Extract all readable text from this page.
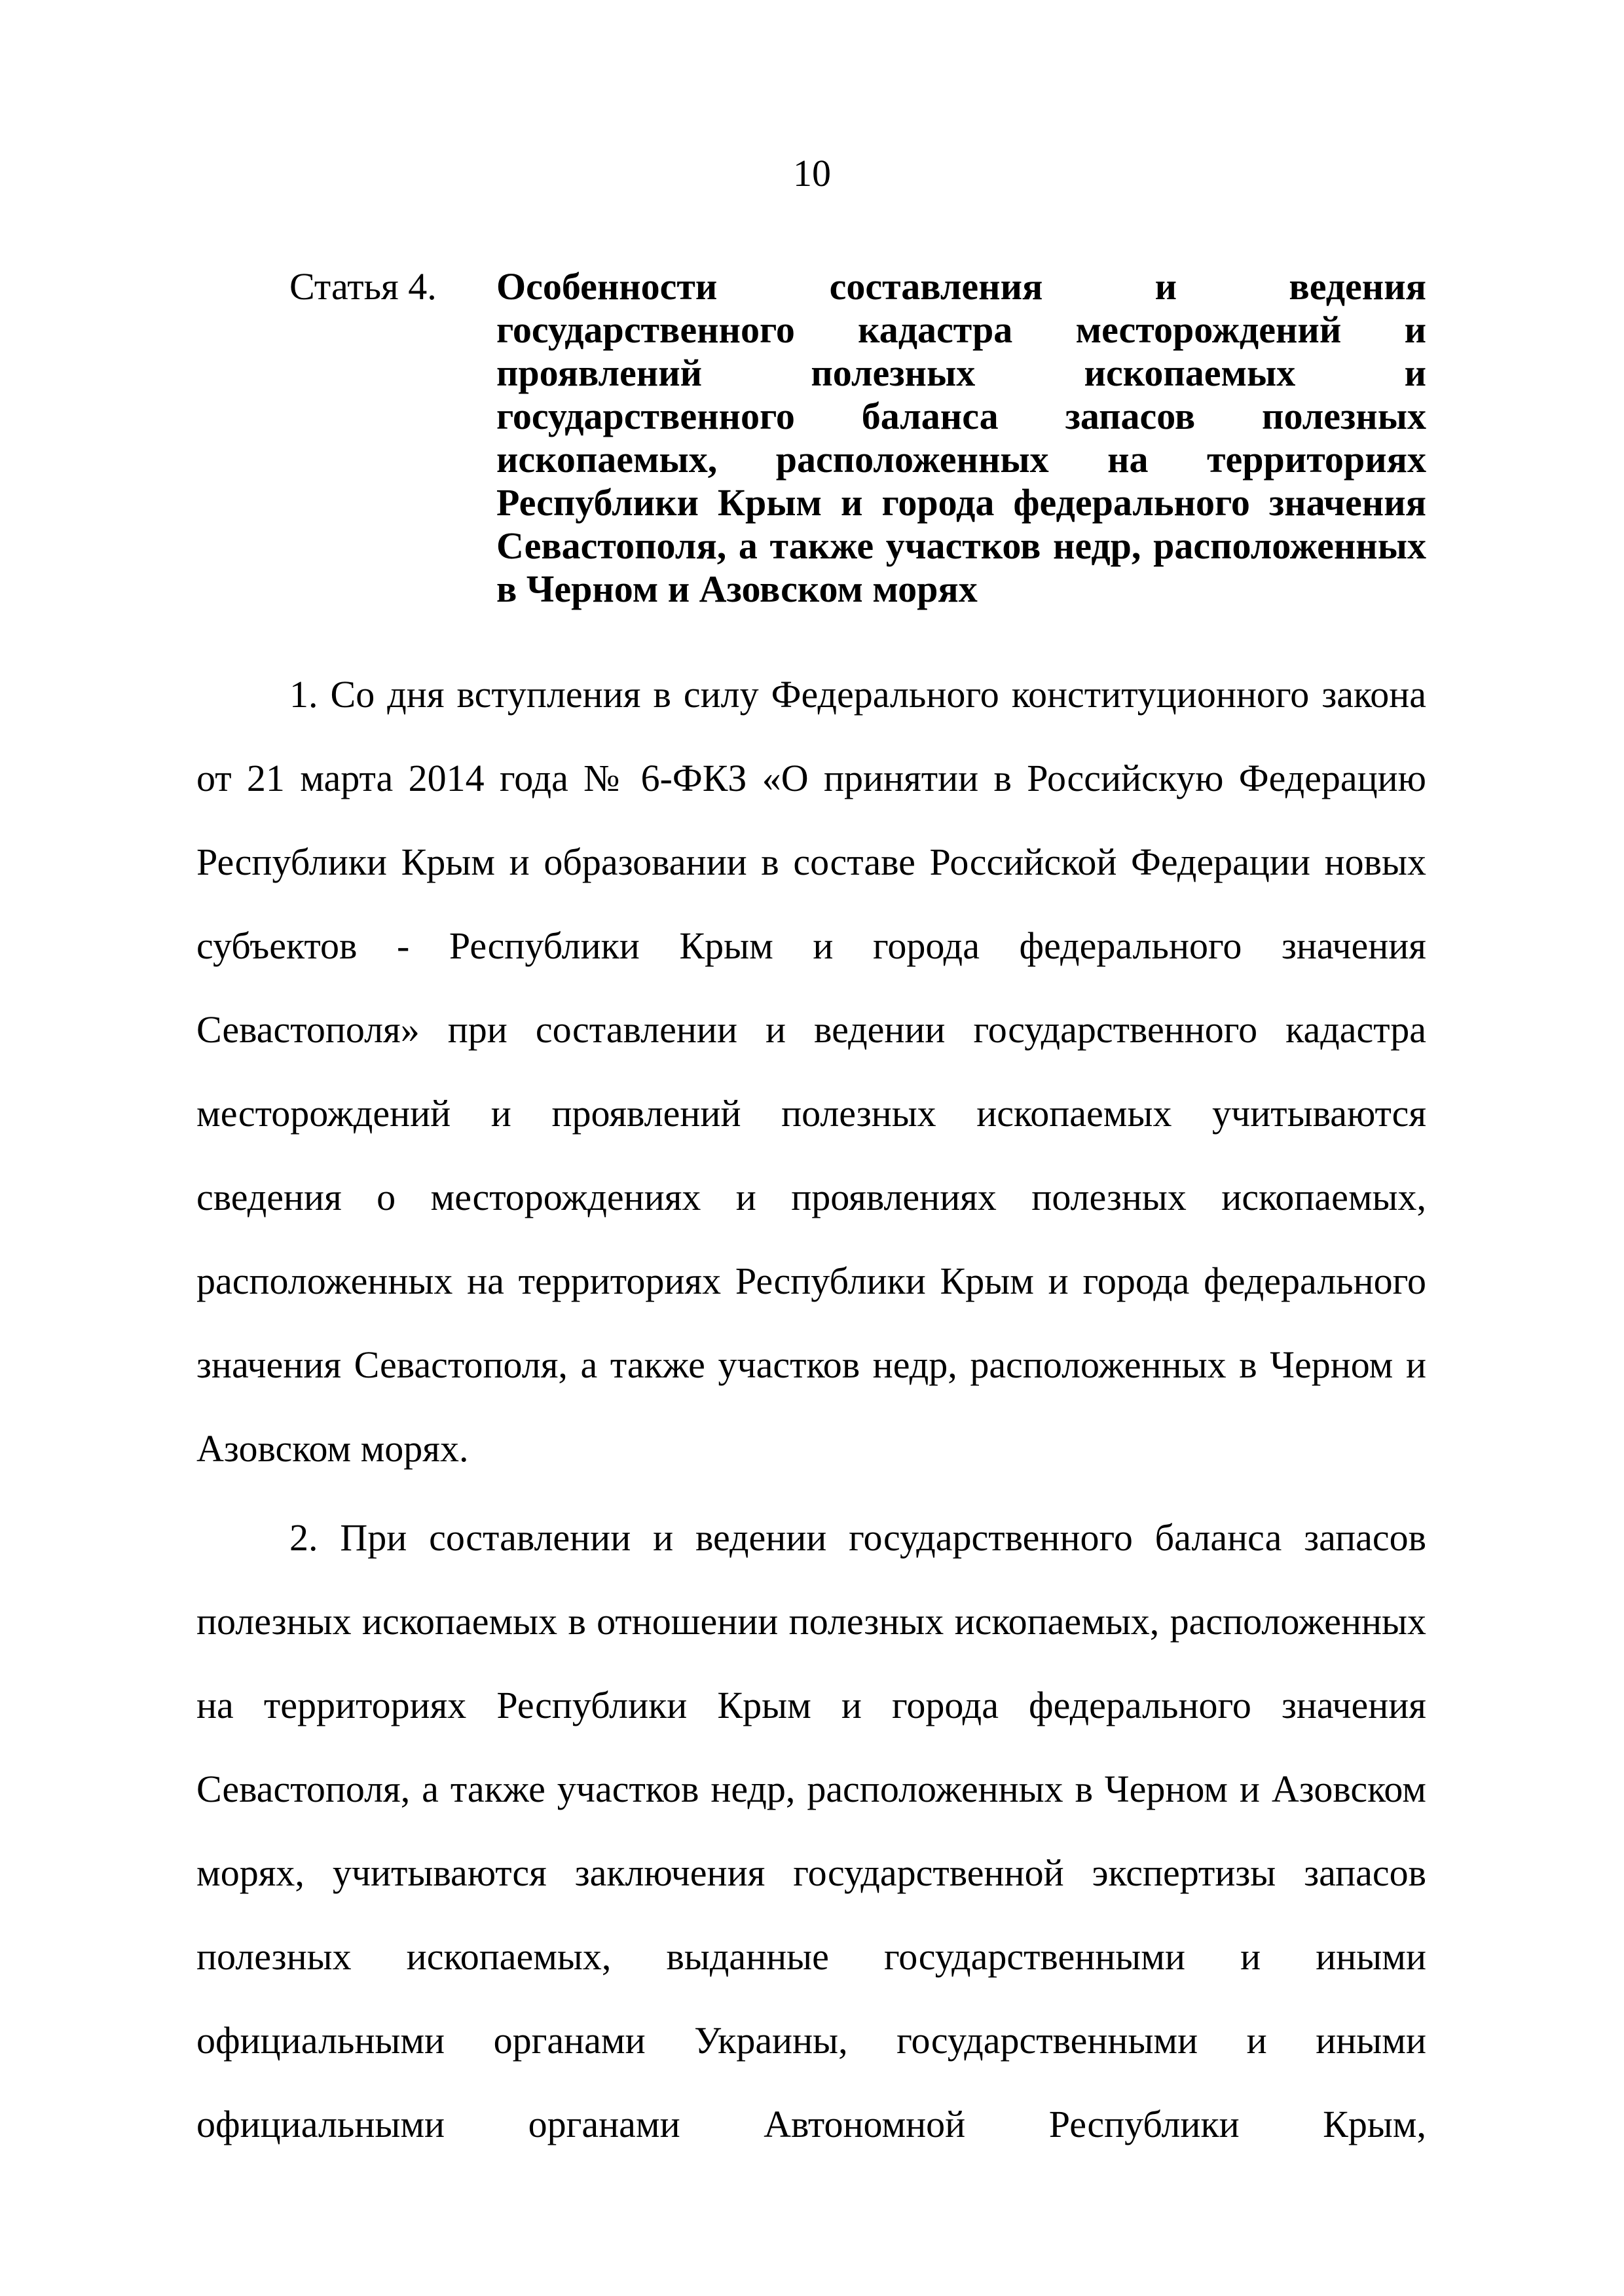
10
Статья 4. Особенности составления и ведения
государственного кадастра месторождений и
проявлений полезных ископаемых и
государственного баланса запасов полезных
ископаемых, расположенных на территориях
Республики Крым и города федерального значения
Севастополя, а также участков недр, расположенных
в Черном и Азовском морях
1. Со дня вступления в силу Федерального конституционного закона
от 21 марта 2014 года № 6-ФКЗ «О принятии в Российскую Федерацию
Республики Крым и образовании в составе Российской Федерации новых
субъектов - Республики Крым и города федерального значения
Севастополя» при составлении и ведении государственного кадастра
месторождений и проявлений полезных ископаемых учитываются
сведения о месторождениях и проявлениях полезных ископаемых,
расположенных на территориях Республики Крым и города федерального
значения Севастополя, а также участков недр, расположенных в Черном и
Азовском морях.
2. При составлении и ведении государственного баланса запасов
полезных ископаемых в отношении полезных ископаемых, расположенных
на территориях Республики Крым и города федерального значения
Севастополя, а также участков недр, расположенных в Черном и Азовском
морях, учитываются заключения государственной экспертизы запасов
полезных ископаемых, выданные государственными и иными
официальными органами Украины, государственными и иными
официальными органами Автономной Республики Крым,
